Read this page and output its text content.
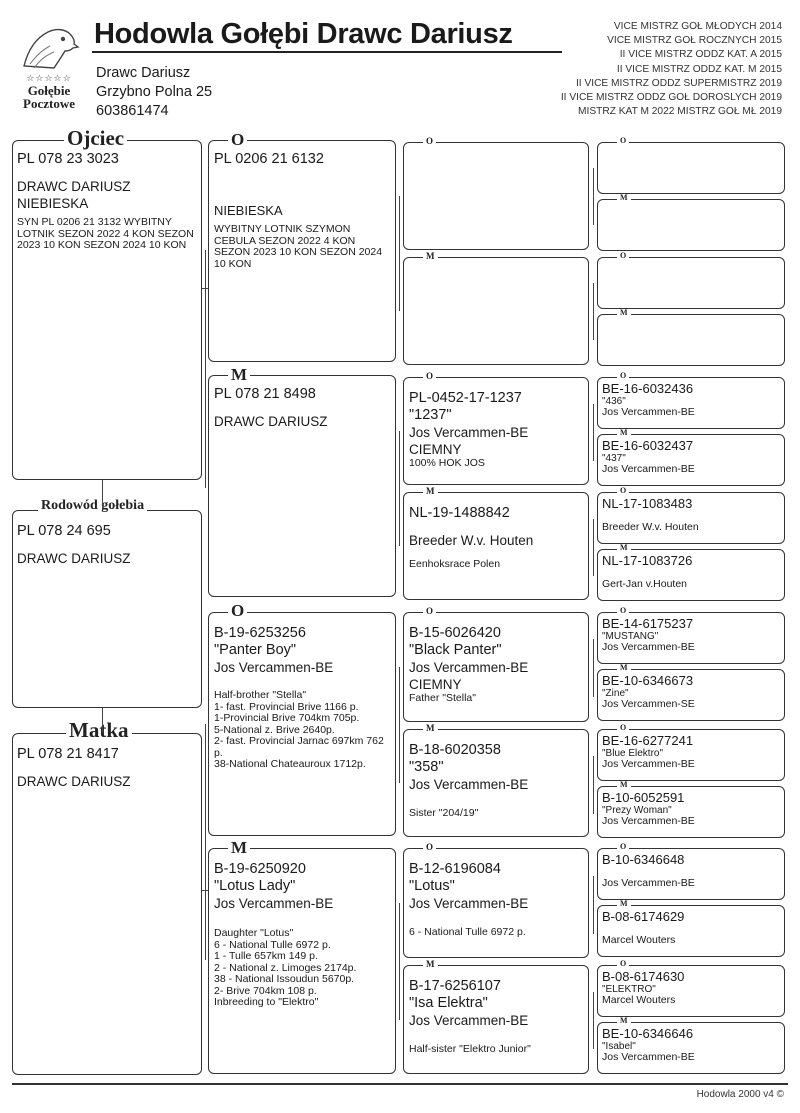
☆☆☆☆☆
Gołębie
Pocztowe
Hodowla Gołębi Drawc Dariusz
Drawc Dariusz
Grzybno Polna 25
603861474
VICE MISTRZ GOŁ MŁODYCH 2014
VICE MISTRZ GOŁ ROCZNYCH 2015
II VICE MISTRZ ODDZ KAT. A 2015
II VICE MISTRZ ODDZ KAT. M 2015
II VICE MISTRZ ODDZ SUPERMISTRZ 2019
II VICE MISTRZ ODDZ GOŁ DOROSLYCH 2019
MISTRZ KAT M 2022 MISTRZ GOŁ MŁ 2019
PL 078 23 3023
DRAWC DARIUSZ
NIEBIESKA
SYN PL 0206 21 3132 WYBITNY LOTNIK SEZON 2022 4 KON SEZON 2023 10 KON SEZON 2024 10 KON
Ojciec
PL 078 24 695
DRAWC DARIUSZ
Rodowód gołebia
PL 078 21 8417
DRAWC DARIUSZ
Matka
PL 0206 21 6132
NIEBIESKA
WYBITNY LOTNIK SZYMON CEBULA SEZON 2022 4 KON SEZON 2023 10 KON SEZON 2024 10 KON
O
PL 078 21 8498
DRAWC DARIUSZ
M
B-19-6253256
"Panter Boy"
Jos Vercammen-BE
Half-brother "Stella"
1- fast. Provincial Brive 1166 p.
1-Provincial Brive 704km 705p.
5-National z. Brive 2640p.
2- fast. Provincial Jarnac 697km 762 p.
38-National Chateauroux 1712p.
O
B-19-6250920
"Lotus Lady"
Jos Vercammen-BE
Daughter "Lotus"
6 - National Tulle 6972 p.
1 - Tulle 657km 149 p.
2 - National z. Limoges 2174p.
38 - National Issoudun 5670p.
2- Brive 704km 108 p.
Inbreeding to "Elektro"
M
O
M
PL-0452-17-1237
"1237"
Jos Vercammen-BE
CIEMNY
100% HOK JOS
O
NL-19-1488842
Breeder W.v. Houten
Eenhoksrace Polen
M
B-15-6026420
"Black Panter"
Jos Vercammen-BE
CIEMNY
Father "Stella"
O
B-18-6020358
"358"
Jos Vercammen-BE
Sister "204/19"
M
B-12-6196084
"Lotus"
Jos Vercammen-BE
6 - National Tulle 6972 p.
O
B-17-6256107
"Isa Elektra"
Jos Vercammen-BE
Half-sister "Elektro Junior"
M
O
M
O
M
BE-16-6032436
"436"
Jos Vercammen-BE
O
BE-16-6032437
"437"
Jos Vercammen-BE
M
NL-17-1083483
Breeder W.v. Houten
O
NL-17-1083726
Gert-Jan v.Houten
M
BE-14-6175237
"MUSTANG"
Jos Vercammen-BE
O
BE-10-6346673
"Zine"
Jos Vercammen-SE
M
BE-16-6277241
"Blue Elektro"
Jos Vercammen-BE
O
B-10-6052591
"Prezy Woman"
Jos Vercammen-BE
M
B-10-6346648
Jos Vercammen-BE
O
B-08-6174629
Marcel Wouters
M
B-08-6174630
"ELEKTRO"
Marcel Wouters
O
BE-10-6346646
"Isabel"
Jos Vercammen-BE
M
Hodowla 2000 v4 ©
